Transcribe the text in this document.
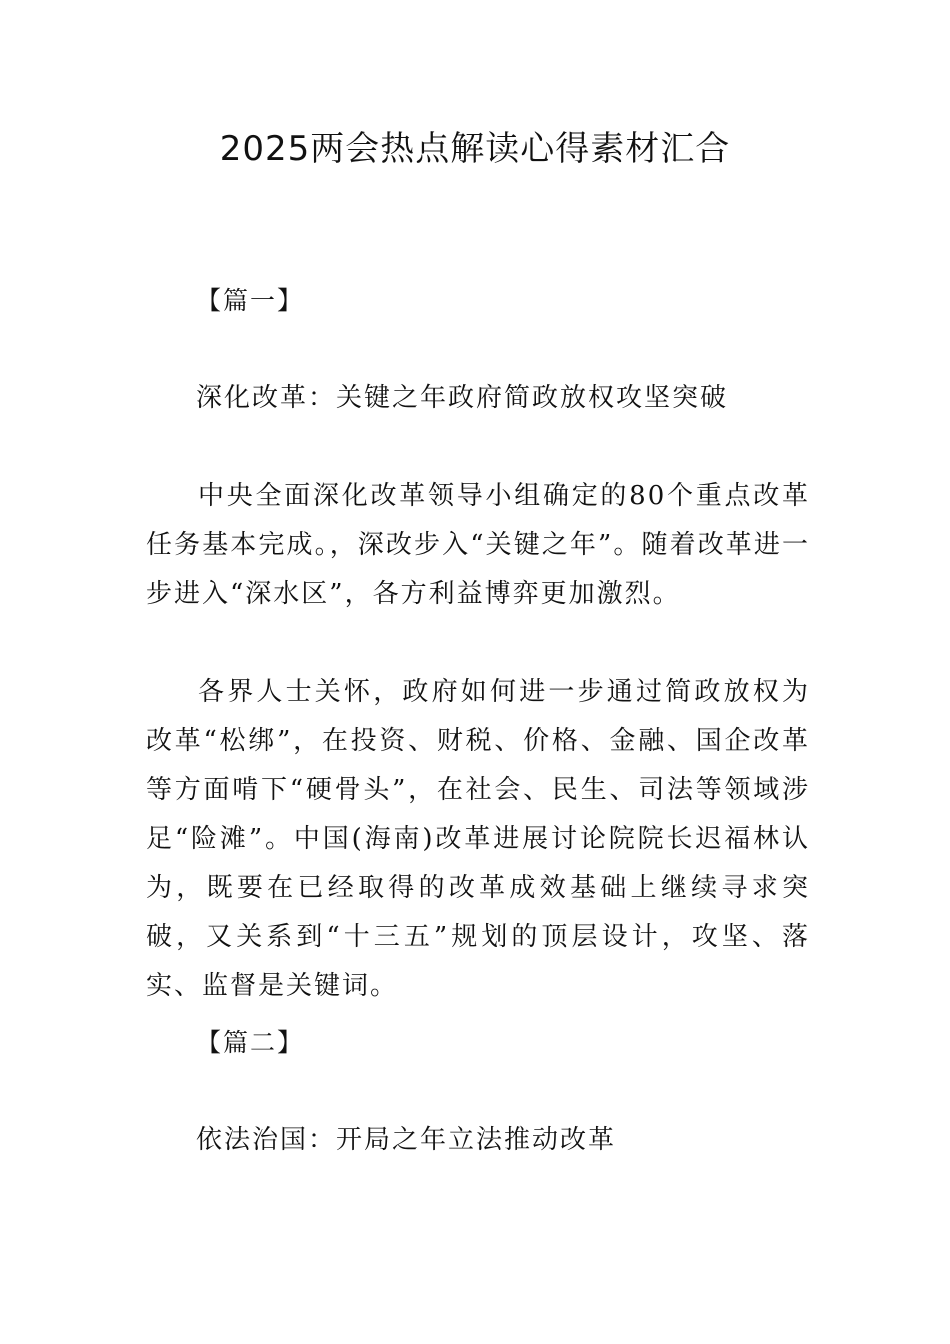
2025两会热点解读心得素材汇合
【篇一】
深化改革：关键之年政府简政放权攻坚突破
中央全面深化改革领导小组确定的80个重点改革任务基本完成。，深改步入“关键之年”。随着改革进一步进入“深水区”，各方利益博弈更加激烈。
各界人士关怀，政府如何进一步通过简政放权为改革“松绑”，在投资、财税、价格、金融、国企改革等方面啃下“硬骨头”，在社会、民生、司法等领域涉足“险滩”。中国(海南)改革进展讨论院院长迟福林认为，既要在已经取得的改革成效基础上继续寻求突破，又关系到“十三五”规划的顶层设计，攻坚、落实、监督是关键词。
【篇二】
依法治国：开局之年立法推动改革
